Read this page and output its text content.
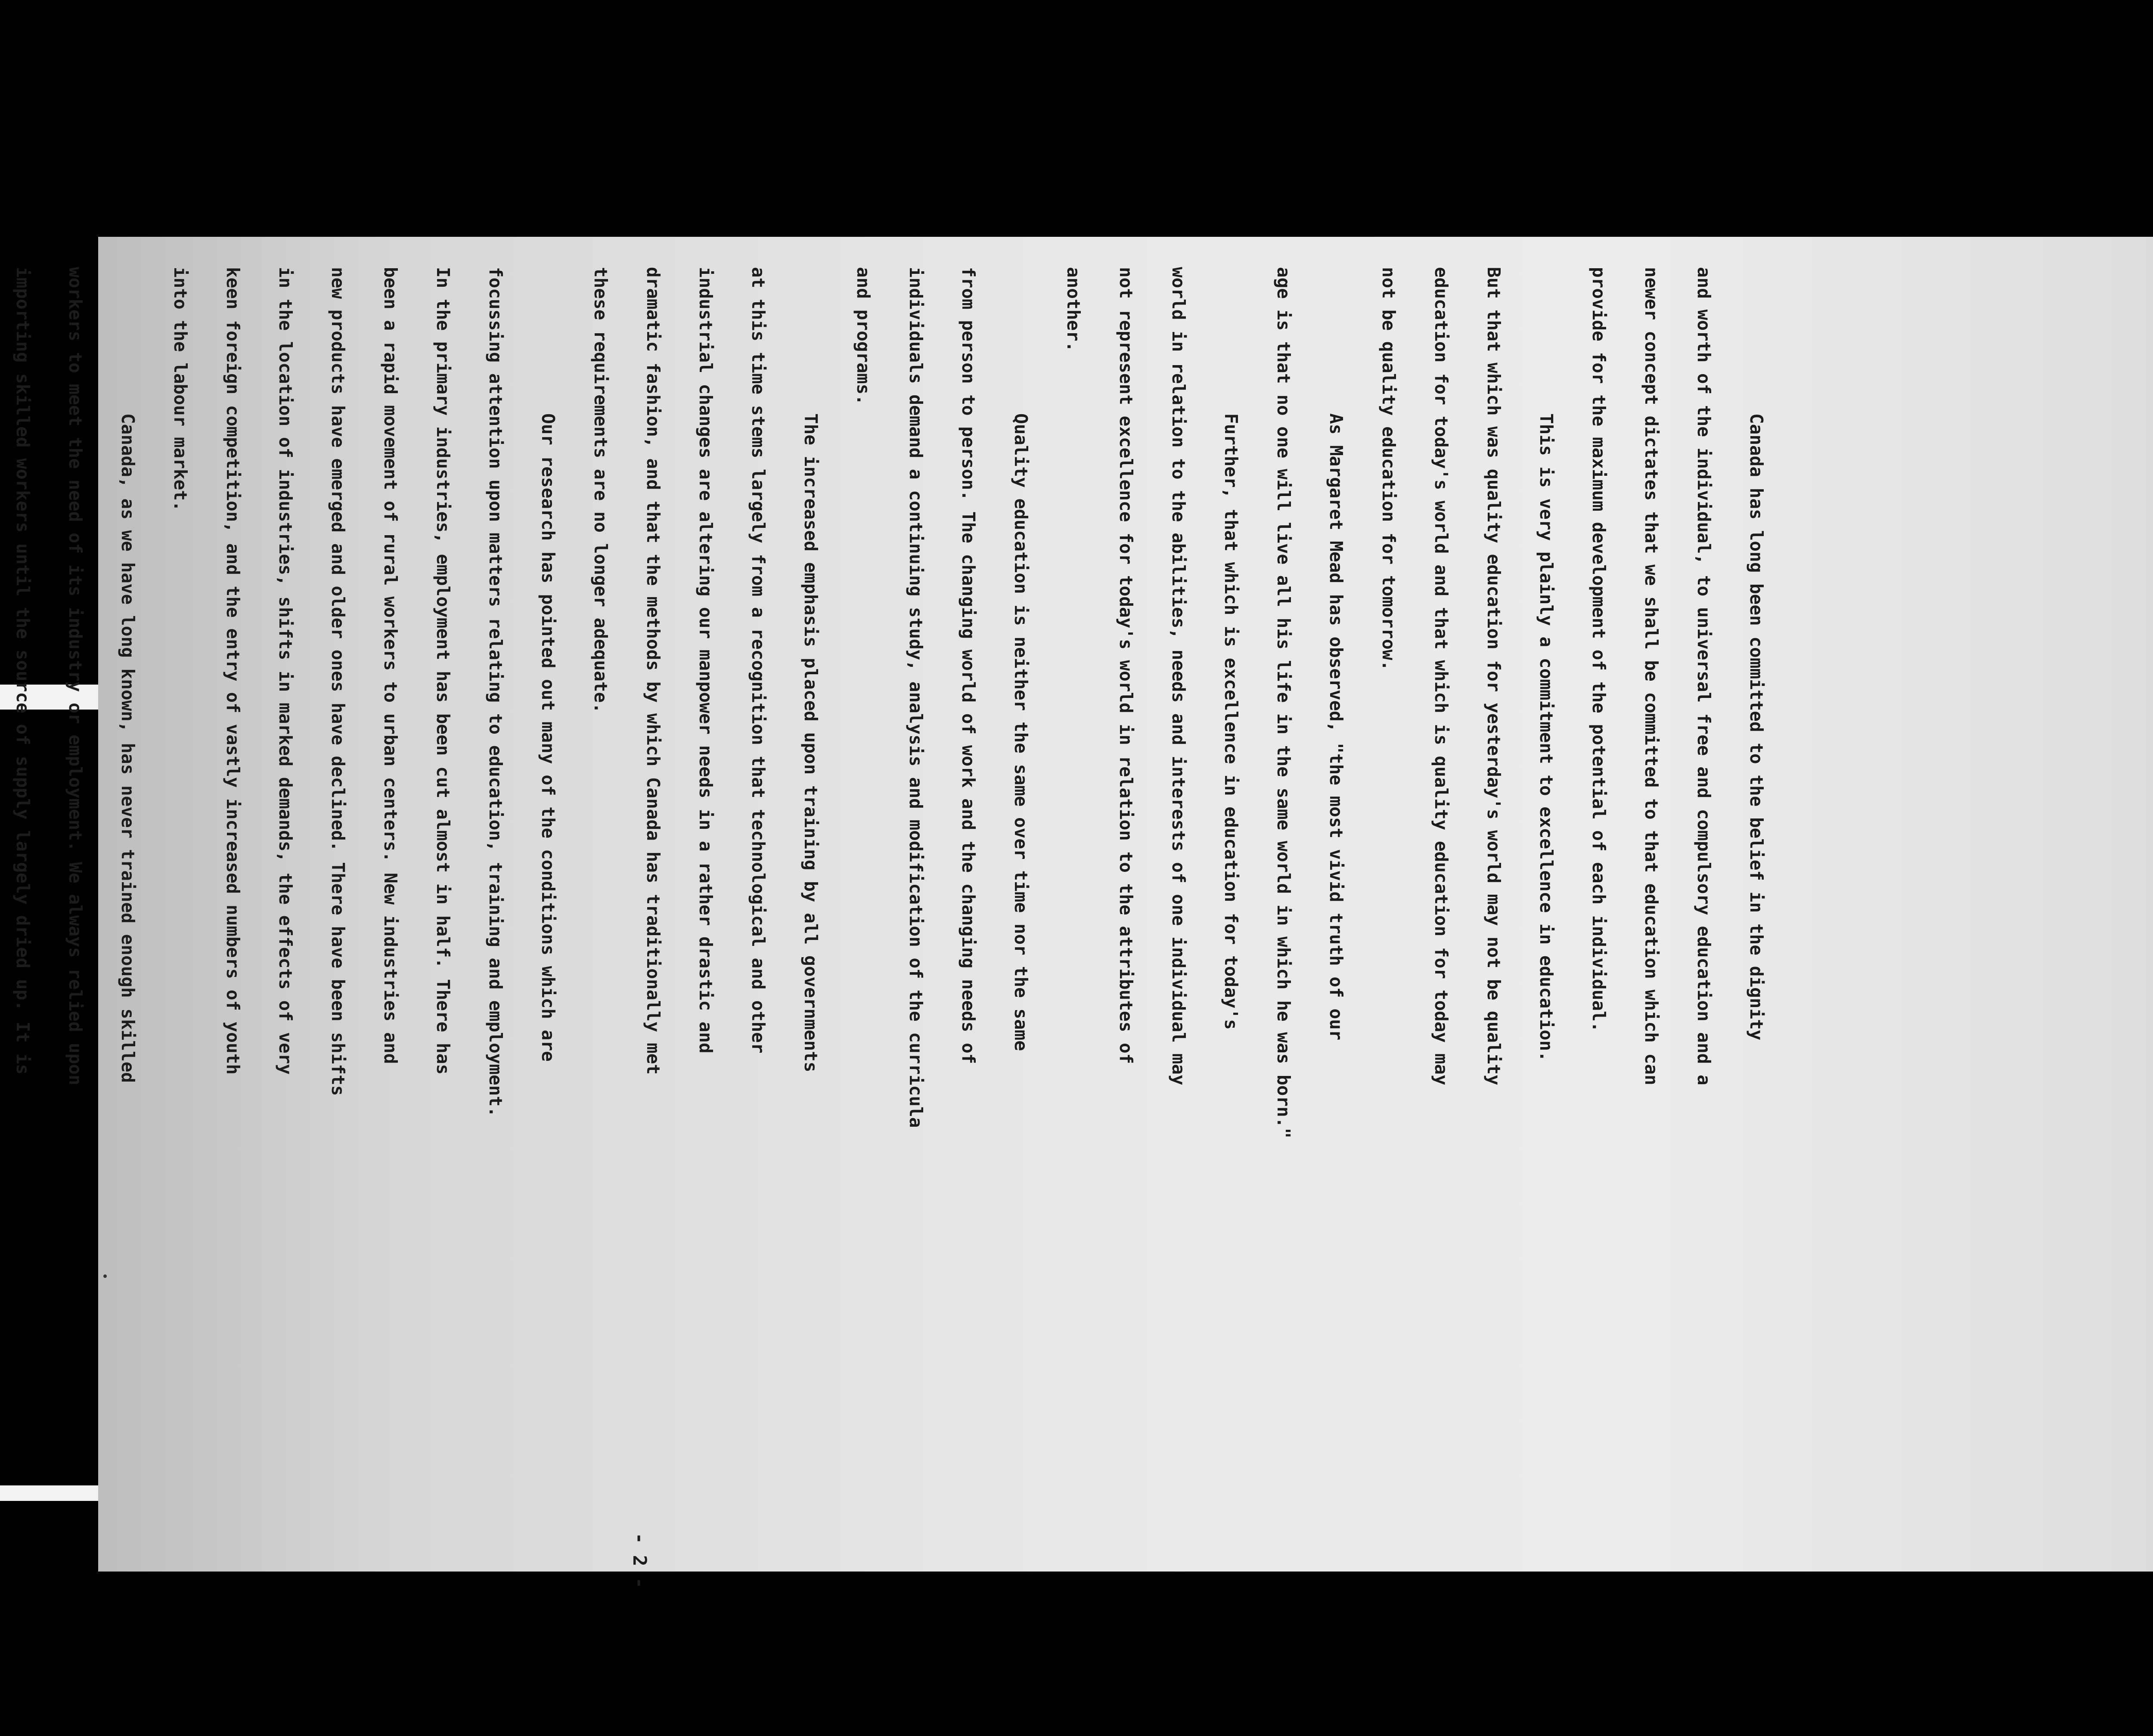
- 2 -
Canada has long been committed to the belief in the dignity
and worth of the individual, to universal free and compulsory education and a
newer concept dictates that we shall be committed to that education which can
provide for the maximum development of the potential of each individual.
This is very plainly a commitment to excellence in education.
But that which was quality education for yesterday's world may not be quality
education for today's world and that which is quality education for today may
not be quality education for tomorrow.
As Margaret Mead has observed, "the most vivid truth of our
age is that no one will live all his life in the same world in which he was born."
Further, that which is excellence in education for today's
world in relation to the abilities, needs and interests of one individual may
not represent excellence for today's world in relation to the attributes of
another.
Quality education is neither the same over time nor the same
from person to person. The changing world of work and the changing needs of
individuals demand a continuing study, analysis and modification of the curricula
and programs.
The increased emphasis placed upon training by all governments
at this time stems largely from a recognition that technological and other
industrial changes are altering our manpower needs in a rather drastic and
dramatic fashion, and that the methods by which Canada has traditionally met
these requirements are no longer adequate.
Our research has pointed out many of the conditions which are
focussing attention upon matters relating to education, training and employment.
In the primary industries, employment has been cut almost in half. There has
been a rapid movement of rural workers to urban centers. New industries and
new products have emerged and older ones have declined. There have been shifts
in the location of industries, shifts in marked demands, the effects of very
keen foreign competition, and the entry of vastly increased numbers of youth
into the labour market.
Canada, as we have long known, has never trained enough skilled
workers to meet the need of its industry or employment. We always relied upon
importing skilled workers until the source of supply largely dried up. It is
